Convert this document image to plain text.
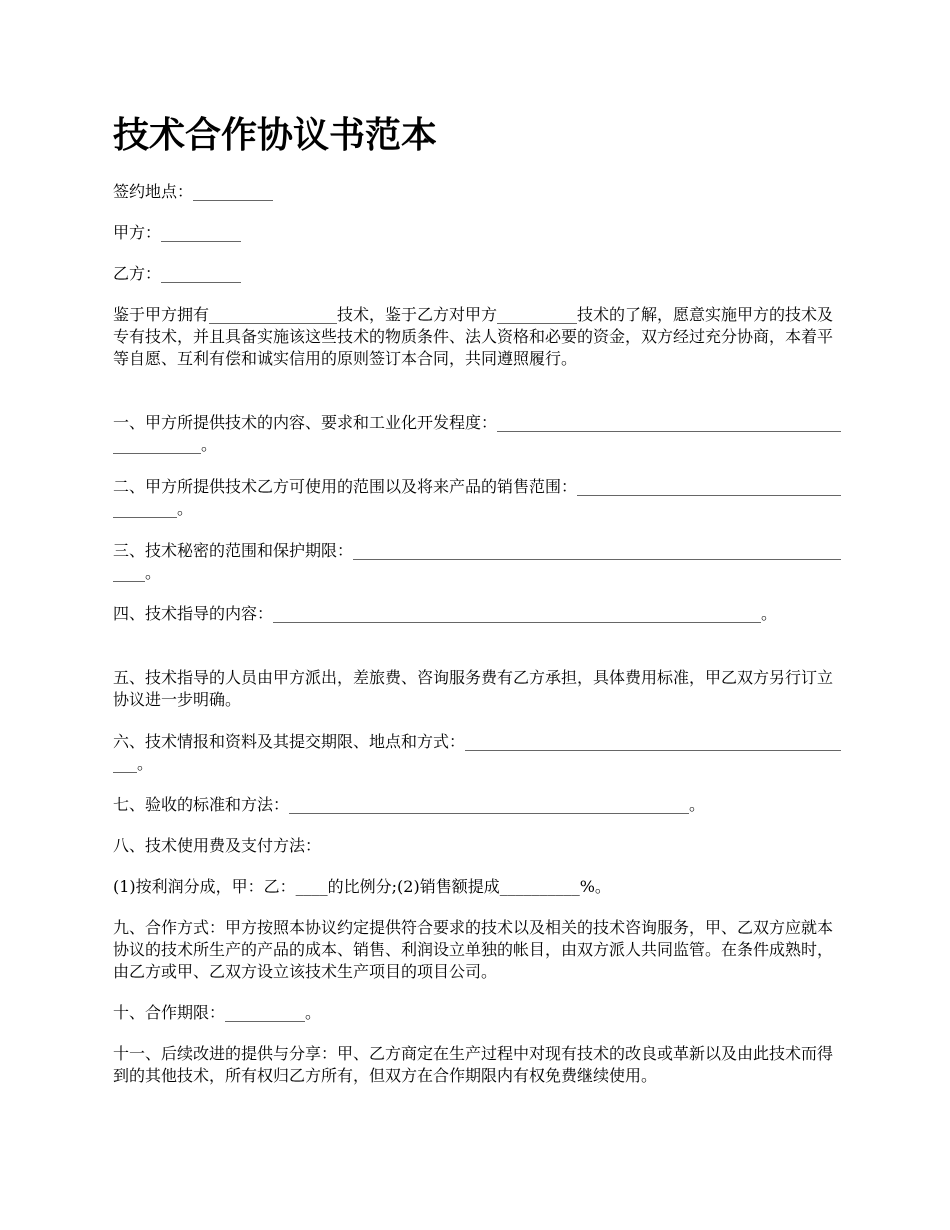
技术合作协议书范本

签约地点：__________

甲方：__________

乙方：__________

鉴于甲方拥有________________技术，鉴于乙方对甲方__________技术的了解，愿意实施甲方的技术及专有技术，并且具备实施该这些技术的物质条件、法人资格和必要的资金，双方经过充分协商，本着平等自愿、互利有偿和诚实信用的原则签订本合同，共同遵照履行。

一、甲方所提供技术的内容、要求和工业化开发程度：______________________________________________________。

二、甲方所提供技术乙方可使用的范围以及将来产品的销售范围：_________________________________________。

三、技术秘密的范围和保护期限：_________________________________________________________________。

四、技术指导的内容：_____________________________________________________________。

五、技术指导的人员由甲方派出，差旅费、咨询服务费有乙方承担，具体费用标准，甲乙双方另行订立协议进一步明确。

六、技术情报和资料及其提交期限、地点和方式：__________________________________________________。

七、验收的标准和方法：__________________________________________________。

八、技术使用费及支付方法：

(1)按利润分成，甲：乙：____的比例分;(2)销售额提成__________%。

九、合作方式：甲方按照本协议约定提供符合要求的技术以及相关的技术咨询服务，甲、乙双方应就本协议的技术所生产的产品的成本、销售、利润设立单独的帐目，由双方派人共同监管。在条件成熟时，由乙方或甲、乙双方设立该技术生产项目的项目公司。

十、合作期限：__________。

十一、后续改进的提供与分享：甲、乙方商定在生产过程中对现有技术的改良或革新以及由此技术而得到的其他技术，所有权归乙方所有，但双方在合作期限内有权免费继续使用。
